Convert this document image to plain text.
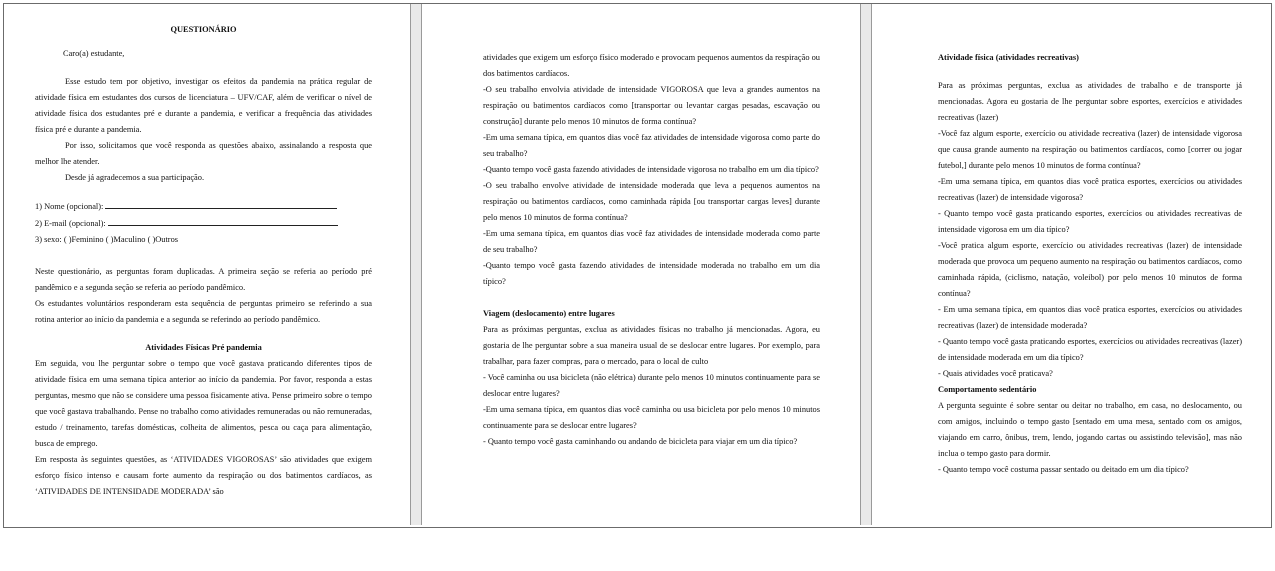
QUESTIONÁRIO

Caro(a) estudante,

Esse estudo tem por objetivo, investigar os efeitos da pandemia na prática regular de atividade física em estudantes dos cursos de licenciatura – UFV/CAF, além de verificar o nível de atividade física dos estudantes pré e durante a pandemia, e verificar a frequência das atividades física pré e durante a pandemia.

Por isso, solicitamos que você responda as questões abaixo, assinalando a resposta que melhor lhe atender.

Desde já agradecemos a sua participação.

1) Nome (opcional):

2) E-mail (opcional):

3) sexo: ( )Feminino ( )Maculino ( )Outros

Neste questionário, as perguntas foram duplicadas. A primeira seção se referia ao período pré pandêmico e a segunda seção se referia ao período pandêmico.

Os estudantes voluntários responderam esta sequência de perguntas primeiro se referindo a sua rotina anterior ao início da pandemia e a segunda se referindo ao período pandêmico.

Atividades Físicas Pré pandemia

Em seguida, vou lhe perguntar sobre o tempo que você gastava praticando diferentes tipos de atividade física em uma semana típica anterior ao início da pandemia. Por favor, responda a estas perguntas, mesmo que não se considere uma pessoa fisicamente ativa. Pense primeiro sobre o tempo que você gastava trabalhando. Pense no trabalho como atividades remuneradas ou não remuneradas, estudo / treinamento, tarefas domésticas, colheita de alimentos, pesca ou caça para alimentação, busca de emprego.

Em resposta às seguintes questões, as ‘ATIVIDADES VIGOROSAS’ são atividades que exigem esforço físico intenso e causam forte aumento da respiração ou dos batimentos cardíacos, as ‘ATIVIDADES DE INTENSIDADE MODERADA’ são

atividades que exigem um esforço físico moderado e provocam pequenos aumentos da respiração ou dos batimentos cardíacos.

-O seu trabalho envolvia atividade de intensidade VIGOROSA que leva a grandes aumentos na respiração ou batimentos cardíacos como [transportar ou levantar cargas pesadas, escavação ou construção] durante pelo menos 10 minutos de forma contínua?

-Em uma semana típica, em quantos dias você faz atividades de intensidade vigorosa como parte do seu trabalho?

-Quanto tempo você gasta fazendo atividades de intensidade vigorosa no trabalho em um dia típico?

-O seu trabalho envolve atividade de intensidade moderada que leva a pequenos aumentos na respiração ou batimentos cardíacos, como caminhada rápida [ou transportar cargas leves] durante pelo menos 10 minutos de forma contínua?

-Em uma semana típica, em quantos dias você faz atividades de intensidade moderada como parte de seu trabalho?

-Quanto tempo você gasta fazendo atividades de intensidade moderada no trabalho em um dia típico?

Viagem (deslocamento) entre lugares

Para as próximas perguntas, exclua as atividades físicas no trabalho já mencionadas. Agora, eu gostaria de lhe perguntar sobre a sua maneira usual de se deslocar entre lugares. Por exemplo, para trabalhar, para fazer compras, para o mercado, para o local de culto

- Você caminha ou usa bicicleta (não elétrica) durante pelo menos 10 minutos continuamente para se deslocar entre lugares?

-Em uma semana típica, em quantos dias você caminha ou usa bicicleta por pelo menos 10 minutos continuamente para se deslocar entre lugares?

- Quanto tempo você gasta caminhando ou andando de bicicleta para viajar em um dia típico?

Atividade física (atividades recreativas)

Para as próximas perguntas, exclua as atividades de trabalho e de transporte já mencionadas. Agora eu gostaria de lhe perguntar sobre esportes, exercícios e atividades recreativas (lazer)

-Você faz algum esporte, exercício ou atividade recreativa (lazer) de intensidade vigorosa que causa grande aumento na respiração ou batimentos cardíacos, como [correr ou jogar futebol,] durante pelo menos 10 minutos de forma contínua?

-Em uma semana típica, em quantos dias você pratica esportes, exercícios ou atividades recreativas (lazer) de intensidade vigorosa?

- Quanto tempo você gasta praticando esportes, exercícios ou atividades recreativas de intensidade vigorosa em um dia típico?

-Você pratica algum esporte, exercício ou atividades recreativas (lazer) de intensidade moderada que provoca um pequeno aumento na respiração ou batimentos cardíacos, como caminhada rápida, (ciclismo, natação, voleibol) por pelo menos 10 minutos de forma contínua?

- Em uma semana típica, em quantos dias você pratica esportes, exercícios ou atividades recreativas (lazer) de intensidade moderada?

- Quanto tempo você gasta praticando esportes, exercícios ou atividades recreativas (lazer) de intensidade moderada em um dia típico?

- Quais atividades você praticava?

Comportamento sedentário

A pergunta seguinte é sobre sentar ou deitar no trabalho, em casa, no deslocamento, ou com amigos, incluindo o tempo gasto [sentado em uma mesa, sentado com os amigos, viajando em carro, ônibus, trem, lendo, jogando cartas ou assistindo televisão], mas não inclua o tempo gasto para dormir.

- Quanto tempo você costuma passar sentado ou deitado em um dia típico?
